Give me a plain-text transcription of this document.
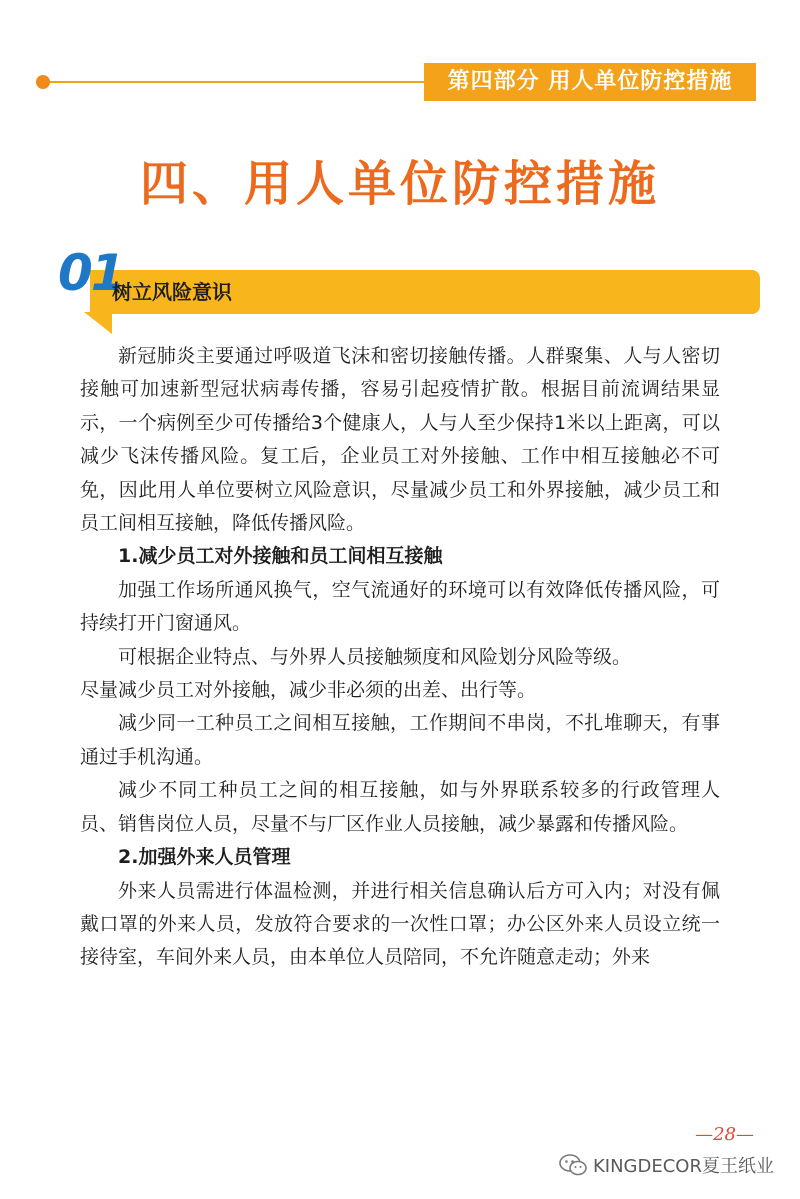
第四部分 用人单位防控措施
四、用人单位防控措施
01
树立风险意识

新冠肺炎主要通过呼吸道飞沫和密切接触传播。人群聚集、人与人密切接触可加速新型冠状病毒传播，容易引起疫情扩散。根据目前流调结果显示，一个病例至少可传播给3个健康人，人与人至少保持1米以上距离，可以减少飞沫传播风险。复工后，企业员工对外接触、工作中相互接触必不可免，因此用人单位要树立风险意识，尽量减少员工和外界接触，减少员工和员工间相互接触，降低传播风险。

1.减少员工对外接触和员工间相互接触

加强工作场所通风换气，空气流通好的环境可以有效降低传播风险，可持续打开门窗通风。

可根据企业特点、与外界人员接触频度和风险划分风险等级。

尽量减少员工对外接触，减少非必须的出差、出行等。

减少同一工种员工之间相互接触，工作期间不串岗，不扎堆聊天，有事通过手机沟通。

减少不同工种员工之间的相互接触，如与外界联系较多的行政管理人员、销售岗位人员，尽量不与厂区作业人员接触，减少暴露和传播风险。

2.加强外来人员管理

外来人员需进行体温检测，并进行相关信息确认后方可入内；对没有佩戴口罩的外来人员，发放符合要求的一次性口罩；办公区外来人员设立统一接待室，车间外来人员，由本单位人员陪同，不允许随意走动；外来

—28—
KINGDECOR夏王纸业
